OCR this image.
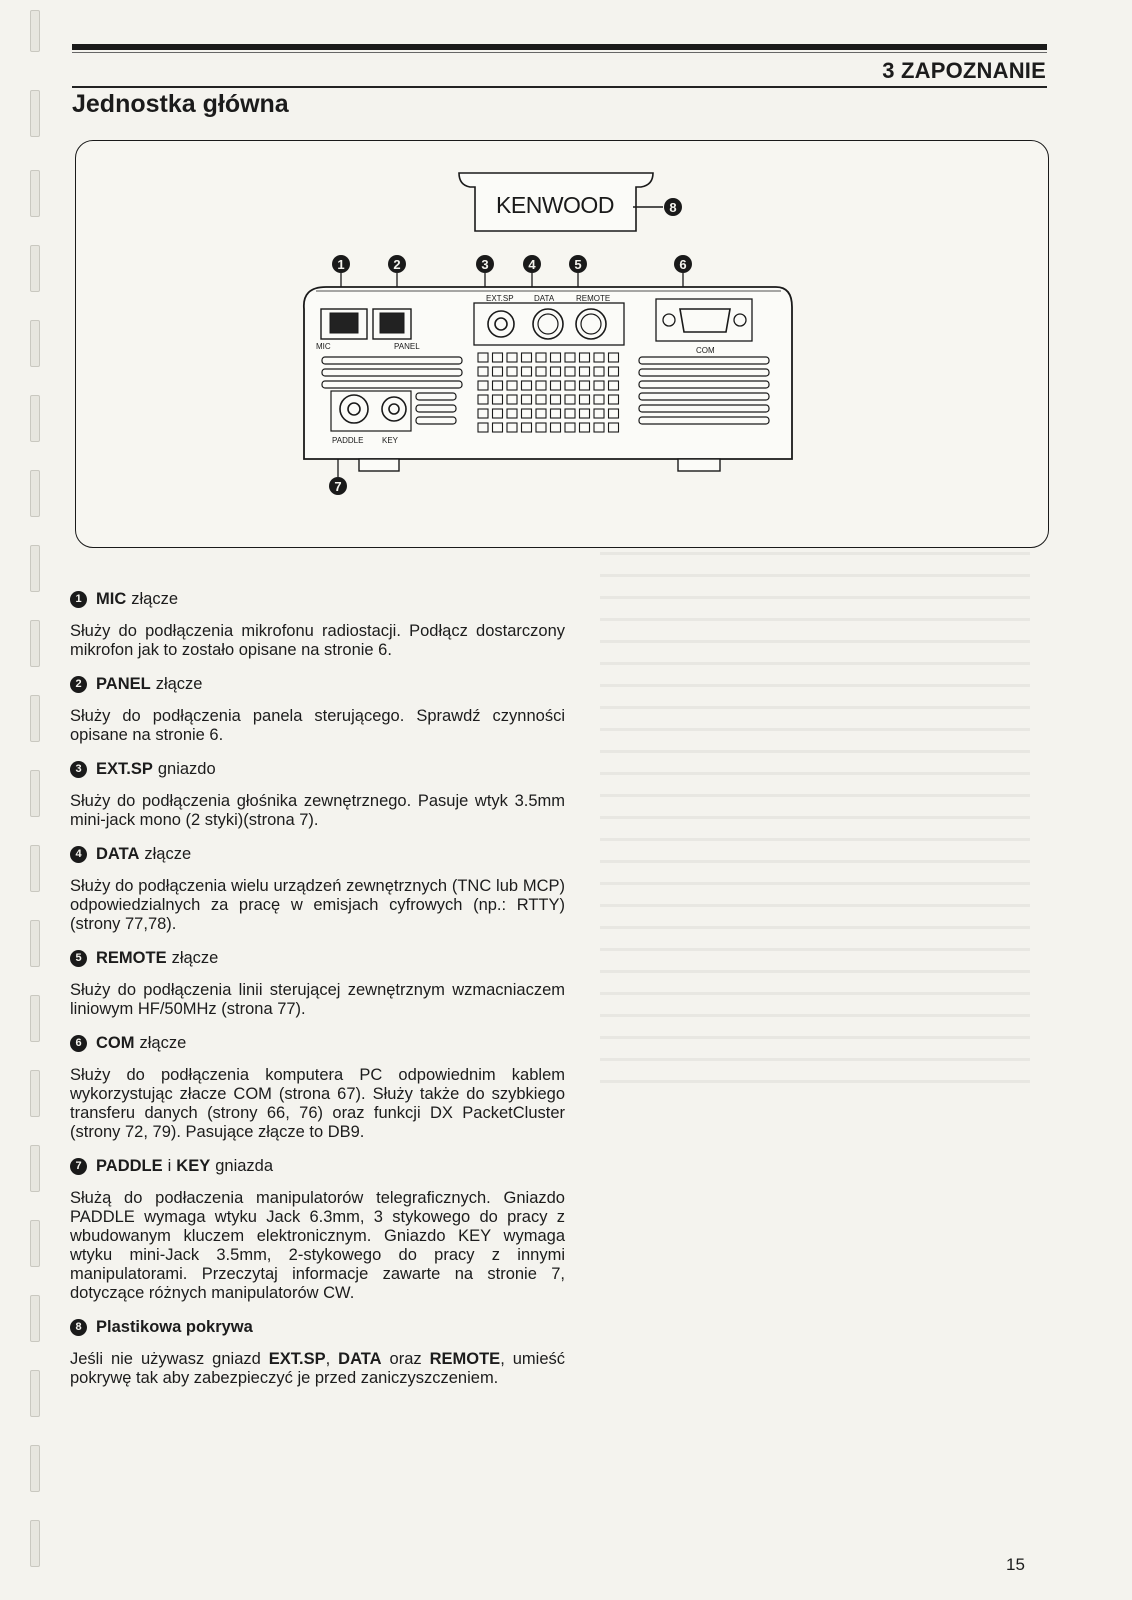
3 ZAPOZNANIE
Jednostka główna
KENWOOD
1	2	3	4	5	6
7
8
MIC	PANEL
PADDLE KEY
EXT.SP	DATA	REMOTE
COM
1 MIC złącze
Służy do podłączenia mikrofonu radiostacji. Podłącz dostarczony mikrofon jak to zostało opisane na stronie 6.
2 PANEL złącze
Służy do podłączenia panela sterującego. Sprawdź czynności opisane na stronie 6.
3 EXT.SP gniazdo
Służy do podłączenia głośnika zewnętrznego. Pasuje wtyk 3.5mm mini-jack mono (2 styki)(strona 7).
4 DATA złącze
Służy do podłączenia wielu urządzeń zewnętrznych (TNC lub MCP) odpowiedzialnych za pracę w emisjach cyfrowych (np.: RTTY) (strony 77,78).
5 REMOTE złącze
Służy do podłączenia linii sterującej zewnętrznym wzmacniaczem liniowym HF/50MHz (strona 77).
6 COM złącze
Służy do podłączenia komputera PC odpowiednim kablem wykorzystując złacze COM (strona 67). Służy także do szybkiego transferu danych (strony 66, 76) oraz funkcji DX PacketCluster (strony 72, 79). Pasujące złącze to DB9.
7 PADDLE i KEY gniazda
Służą do podłaczenia manipulatorów telegraficznych. Gniazdo PADDLE wymaga wtyku Jack 6.3mm, 3 stykowego do pracy z wbudowanym kluczem elektronicznym. Gniazdo KEY wymaga wtyku mini-Jack 3.5mm, 2-stykowego do pracy z innymi manipulatorami. Przeczytaj informacje zawarte na stronie 7, dotyczące różnych manipulatorów CW.
8 Plastikowa pokrywa
Jeśli nie używasz gniazd EXT.SP, DATA oraz REMOTE, umieść pokrywę tak aby zabezpieczyć je przed zaniczyszczeniem.
15
